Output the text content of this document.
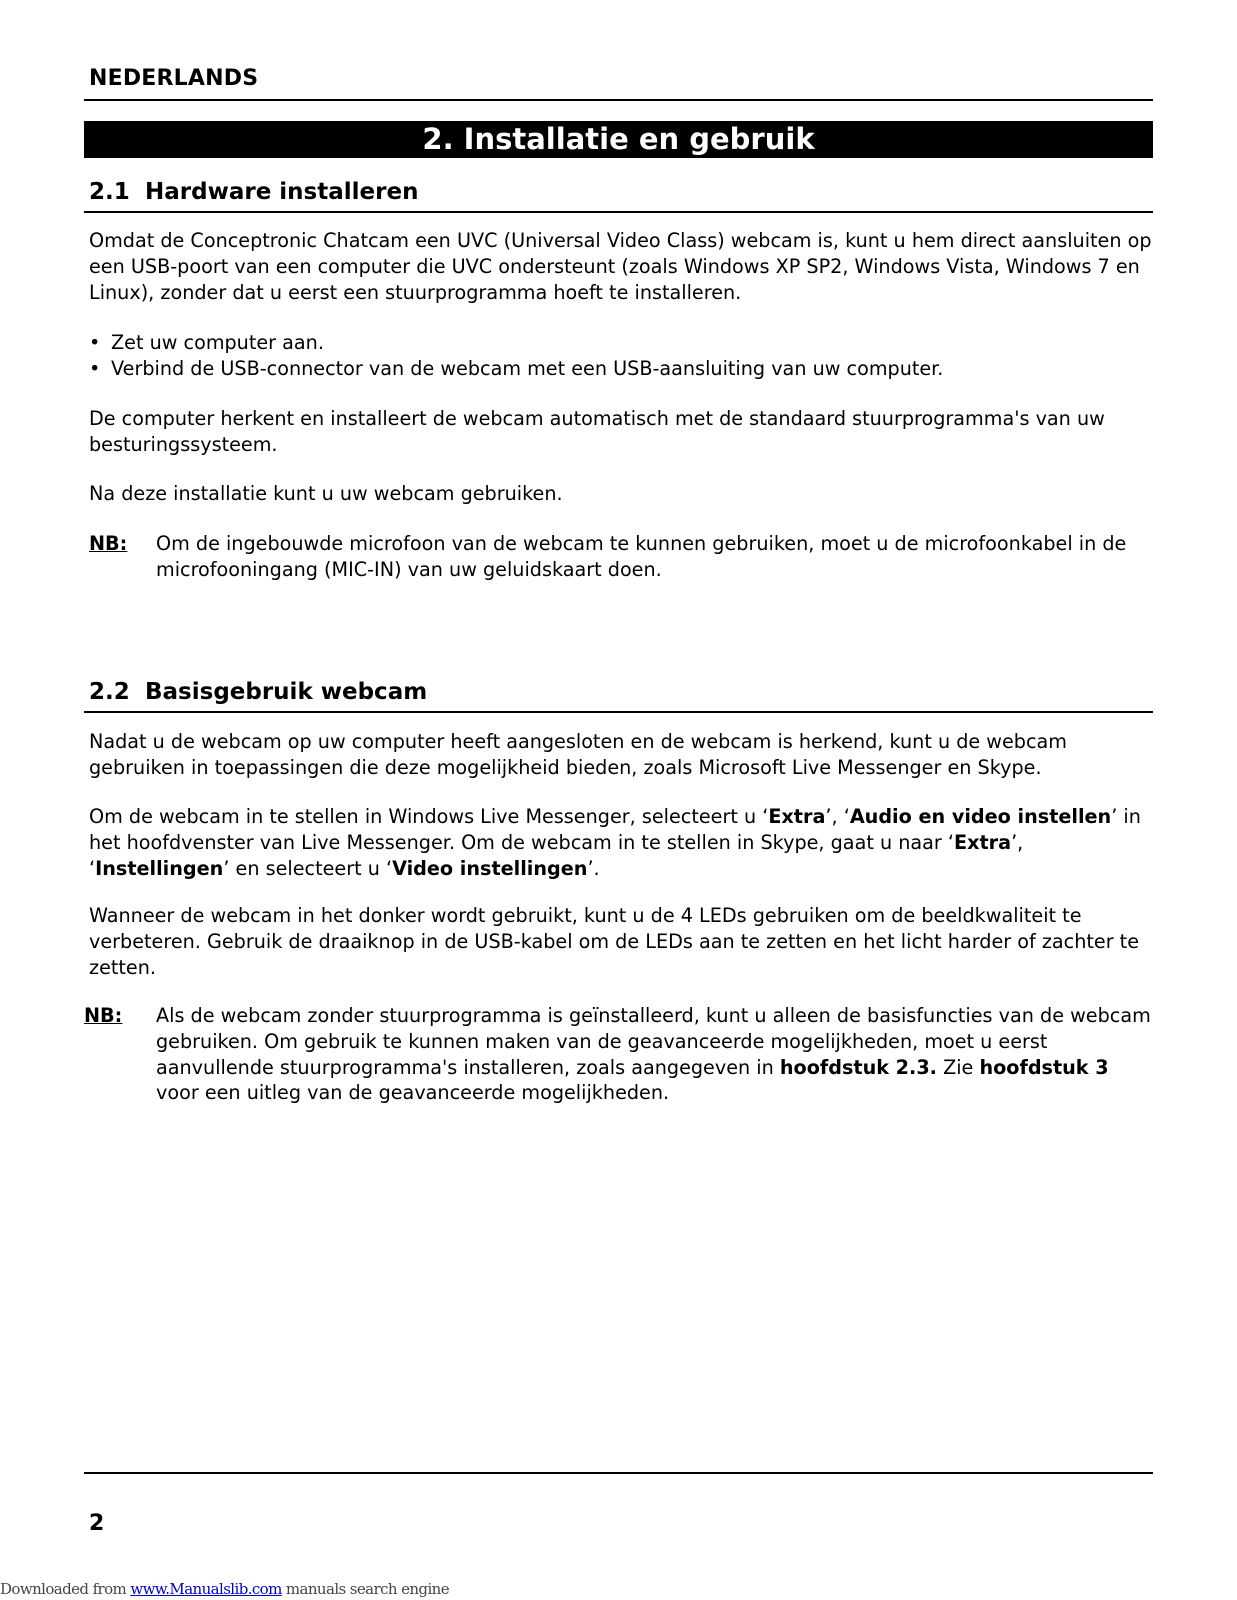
NEDERLANDS
2. Installatie en gebruik
2.1 Hardware installeren

Omdat de Conceptronic Chatcam een UVC (Universal Video Class) webcam is, kunt u hem direct aansluiten op een USB-poort van een computer die UVC ondersteunt (zoals Windows XP SP2, Windows Vista, Windows 7 en Linux), zonder dat u eerst een stuurprogramma hoeft te installeren.

• Zet uw computer aan.
• Verbind de USB-connector van de webcam met een USB-aansluiting van uw computer.

De computer herkent en installeert de webcam automatisch met de standaard stuurprogramma's van uw besturingssysteem.

Na deze installatie kunt u uw webcam gebruiken.

NB: Om de ingebouwde microfoon van de webcam te kunnen gebruiken, moet u de microfoonkabel in de microfooningang (MIC-IN) van uw geluidskaart doen.
2.2 Basisgebruik webcam

Nadat u de webcam op uw computer heeft aangesloten en de webcam is herkend, kunt u de webcam gebruiken in toepassingen die deze mogelijkheid bieden, zoals Microsoft Live Messenger en Skype.

Om de webcam in te stellen in Windows Live Messenger, selecteert u ‘Extra’, ‘Audio en video instellen’ in het hoofdvenster van Live Messenger. Om de webcam in te stellen in Skype, gaat u naar ‘Extra’, ‘Instellingen’ en selecteert u ‘Video instellingen’.

Wanneer de webcam in het donker wordt gebruikt, kunt u de 4 LEDs gebruiken om de beeldkwaliteit te verbeteren. Gebruik de draaiknop in de USB-kabel om de LEDs aan te zetten en het licht harder of zachter te zetten.

NB: Als de webcam zonder stuurprogramma is geïnstalleerd, kunt u alleen de basisfuncties van de webcam gebruiken. Om gebruik te kunnen maken van de geavanceerde mogelijkheden, moet u eerst aanvullende stuurprogramma's installeren, zoals aangegeven in hoofdstuk 2.3. Zie hoofdstuk 3 voor een uitleg van de geavanceerde mogelijkheden.
2
Downloaded from www.Manualslib.com manuals search engine
